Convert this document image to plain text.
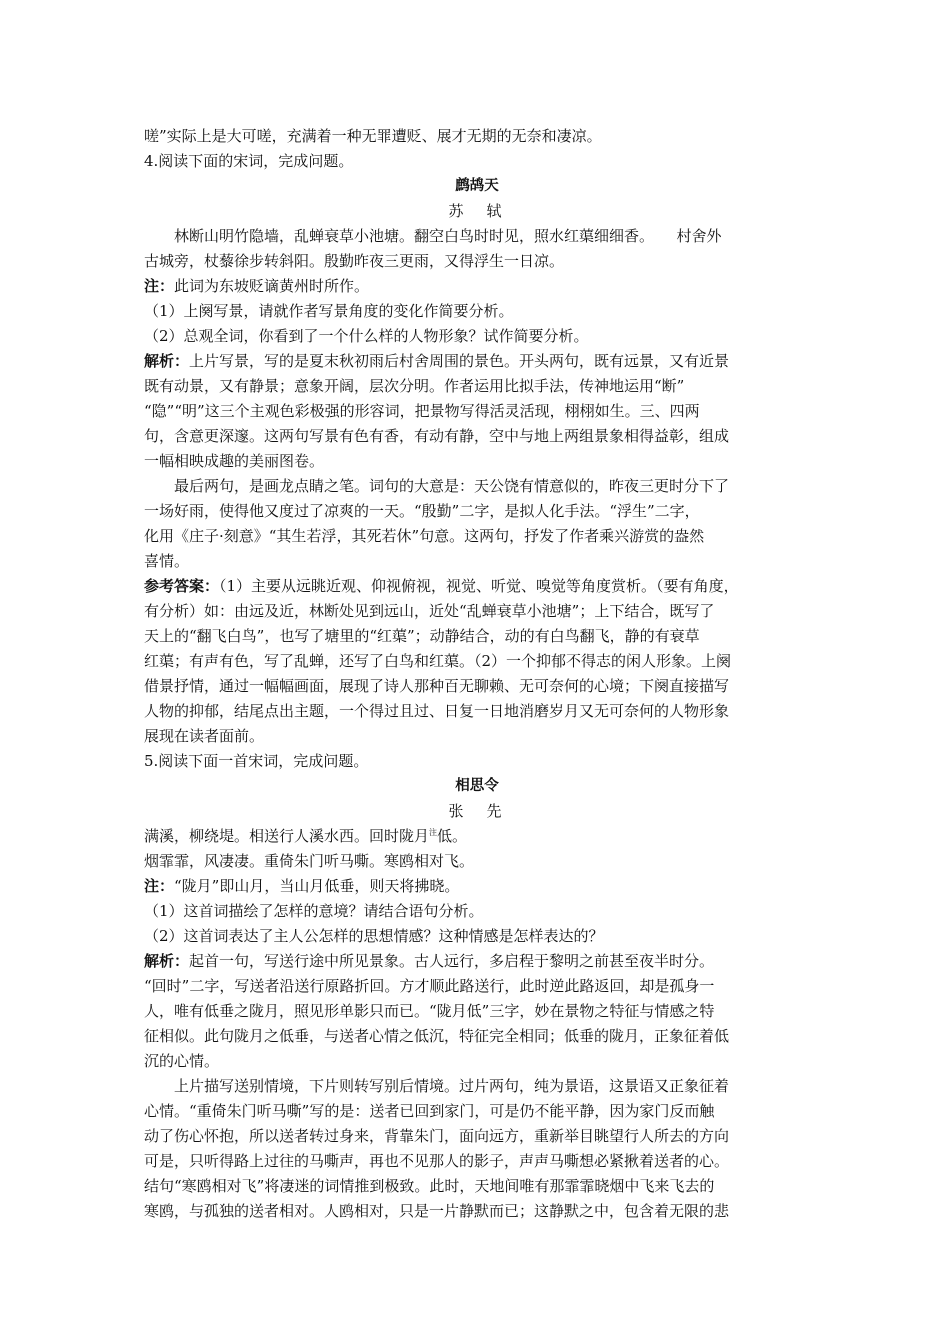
嗟”实际上是大可嗟，充满着一种无罪遭贬、展才无期的无奈和凄凉。
4.阅读下面的宋词，完成问题。
鹧鸪天
苏　轼
林断山明竹隐墙，乱蝉衰草小池塘。翻空白鸟时时见，照水红蕖细细香。　　村舍外
古城旁，杖藜徐步转斜阳。殷勤昨夜三更雨，又得浮生一日凉。
注：此词为东坡贬谪黄州时所作。
（1）上阕写景，请就作者写景角度的变化作简要分析。
（2）总观全词，你看到了一个什么样的人物形象？试作简要分析。
解析：上片写景，写的是夏末秋初雨后村舍周围的景色。开头两句，既有远景，又有近景
既有动景，又有静景；意象开阔，层次分明。作者运用比拟手法，传神地运用“断”
“隐”“明”这三个主观色彩极强的形容词，把景物写得活灵活现，栩栩如生。三、四两
句，含意更深邃。这两句写景有色有香，有动有静，空中与地上两组景象相得益彰，组成
一幅相映成趣的美丽图卷。
最后两句，是画龙点睛之笔。词句的大意是：天公饶有情意似的，昨夜三更时分下了
一场好雨，使得他又度过了凉爽的一天。“殷勤”二字，是拟人化手法。“浮生”二字，
化用《庄子·刻意》“其生若浮，其死若休”句意。这两句，抒发了作者乘兴游赏的盎然
喜情。
参考答案：（1）主要从远眺近观、仰视俯视，视觉、听觉、嗅觉等角度赏析。（要有角度，
有分析）如：由远及近，林断处见到远山，近处“乱蝉衰草小池塘”；上下结合，既写了
天上的“翻飞白鸟”，也写了塘里的“红蕖”；动静结合，动的有白鸟翻飞，静的有衰草
红蕖；有声有色，写了乱蝉，还写了白鸟和红蕖。（2）一个抑郁不得志的闲人形象。上阕
借景抒情，通过一幅幅画面，展现了诗人那种百无聊赖、无可奈何的心境；下阕直接描写
人物的抑郁，结尾点出主题，一个得过且过、日复一日地消磨岁月又无可奈何的人物形象
展现在读者面前。
5.阅读下面一首宋词，完成问题。
相思令
张　先
满溪，柳绕堤。相送行人溪水西。回时陇月$^注$低。
烟霏霏，风凄凄。重倚朱门听马嘶。寒鸥相对飞。
注：“陇月”即山月，当山月低垂，则天将拂晓。
（1）这首词描绘了怎样的意境？请结合语句分析。
（2）这首词表达了主人公怎样的思想情感？这种情感是怎样表达的？
解析：起首一句，写送行途中所见景象。古人远行，多启程于黎明之前甚至夜半时分。
“回时”二字，写送者沿送行原路折回。方才顺此路送行，此时逆此路返回，却是孤身一
人，唯有低垂之陇月，照见形单影只而已。“陇月低”三字，妙在景物之特征与情感之特
征相似。此句陇月之低垂，与送者心情之低沉，特征完全相同；低垂的陇月，正象征着低
沉的心情。
上片描写送别情境，下片则转写别后情境。过片两句，纯为景语，这景语又正象征着
心情。“重倚朱门听马嘶”写的是：送者已回到家门，可是仍不能平静，因为家门反而触
动了伤心怀抱，所以送者转过身来，背靠朱门，面向远方，重新举目眺望行人所去的方向
可是，只听得路上过往的马嘶声，再也不见那人的影子，声声马嘶想必紧揪着送者的心。
结句“寒鸥相对飞”将凄迷的词情推到极致。此时，天地间唯有那霏霏晓烟中飞来飞去的
寒鸥，与孤独的送者相对。人鸥相对，只是一片静默而已；这静默之中，包含着无限的悲
